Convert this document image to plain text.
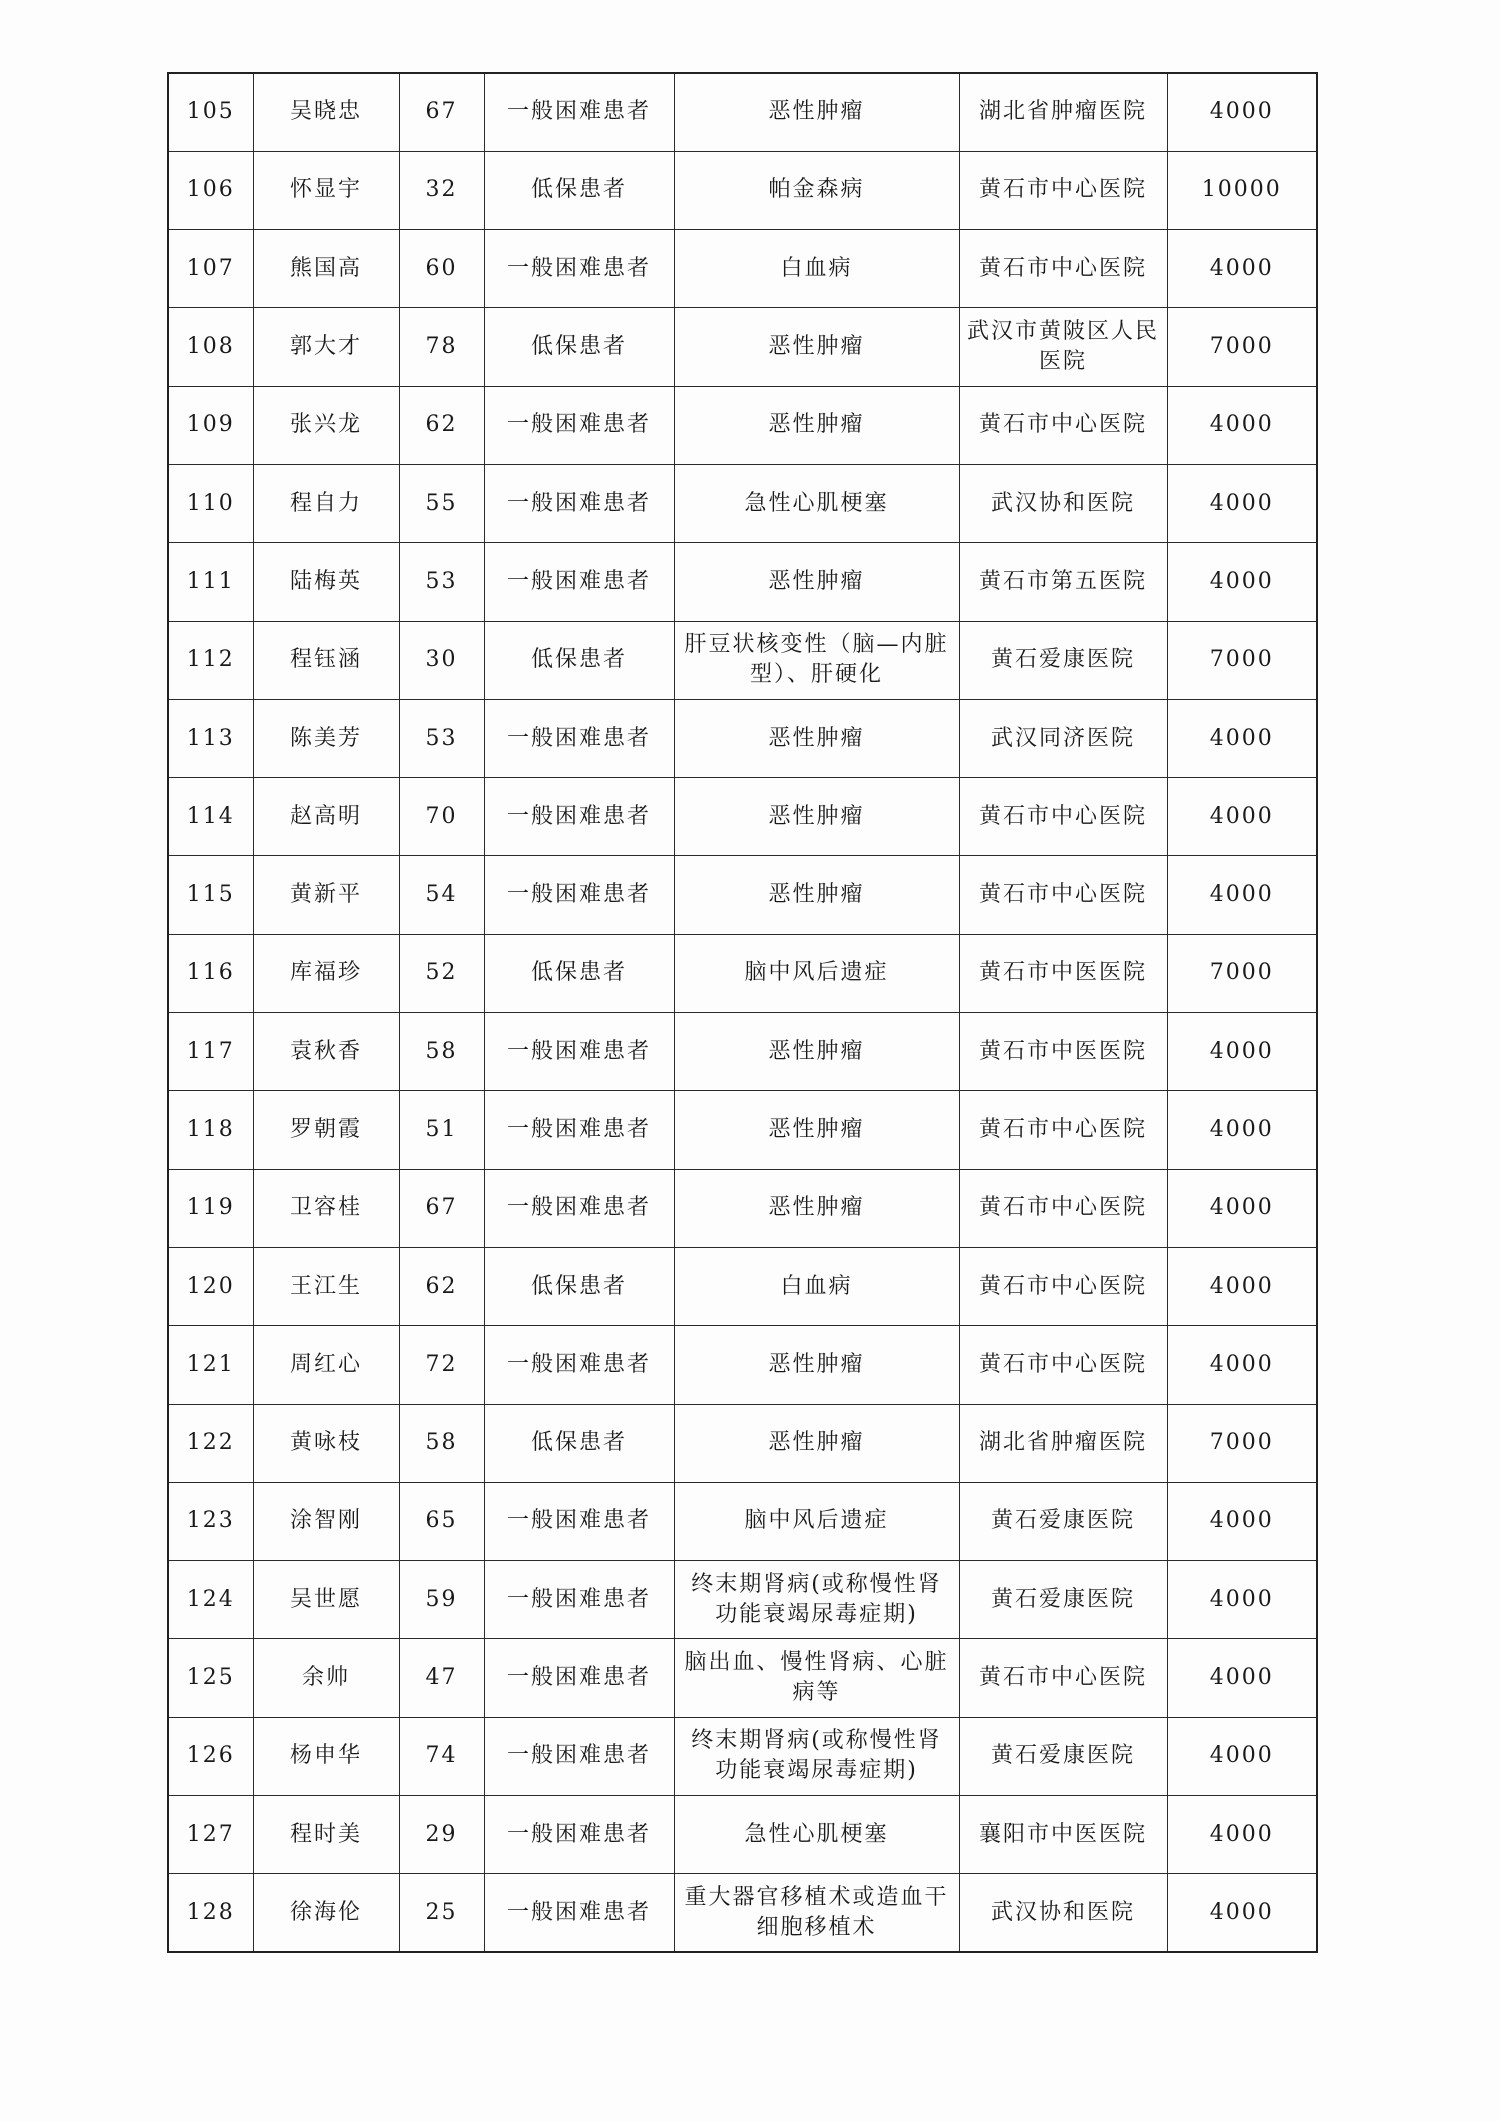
105	吴晓忠	67	一般困难患者	恶性肿瘤	湖北省肿瘤医院	4000
106	怀显宇	32	低保患者	帕金森病	黄石市中心医院	10000
107	熊国高	60	一般困难患者	白血病	黄石市中心医院	4000
108	郭大才	78	低保患者	恶性肿瘤	武汉市黄陂区人民医院	7000
109	张兴龙	62	一般困难患者	恶性肿瘤	黄石市中心医院	4000
110	程自力	55	一般困难患者	急性心肌梗塞	武汉协和医院	4000
111	陆梅英	53	一般困难患者	恶性肿瘤	黄石市第五医院	4000
112	程钰涵	30	低保患者	肝豆状核变性（脑—内脏型）、肝硬化	黄石爱康医院	7000
113	陈美芳	53	一般困难患者	恶性肿瘤	武汉同济医院	4000
114	赵高明	70	一般困难患者	恶性肿瘤	黄石市中心医院	4000
115	黄新平	54	一般困难患者	恶性肿瘤	黄石市中心医院	4000
116	库福珍	52	低保患者	脑中风后遗症	黄石市中医医院	7000
117	袁秋香	58	一般困难患者	恶性肿瘤	黄石市中医医院	4000
118	罗朝霞	51	一般困难患者	恶性肿瘤	黄石市中心医院	4000
119	卫容桂	67	一般困难患者	恶性肿瘤	黄石市中心医院	4000
120	王江生	62	低保患者	白血病	黄石市中心医院	4000
121	周红心	72	一般困难患者	恶性肿瘤	黄石市中心医院	4000
122	黄咏枝	58	低保患者	恶性肿瘤	湖北省肿瘤医院	7000
123	涂智刚	65	一般困难患者	脑中风后遗症	黄石爱康医院	4000
124	吴世愿	59	一般困难患者	终末期肾病(或称慢性肾功能衰竭尿毒症期)	黄石爱康医院	4000
125	余帅	47	一般困难患者	脑出血、慢性肾病、心脏病等	黄石市中心医院	4000
126	杨申华	74	一般困难患者	终末期肾病(或称慢性肾功能衰竭尿毒症期)	黄石爱康医院	4000
127	程时美	29	一般困难患者	急性心肌梗塞	襄阳市中医医院	4000
128	徐海伦	25	一般困难患者	重大器官移植术或造血干细胞移植术	武汉协和医院	4000
